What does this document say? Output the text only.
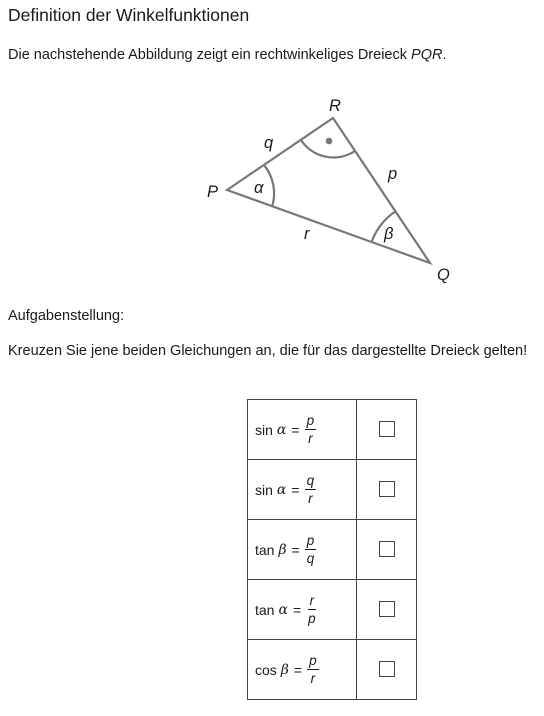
Definition der Winkelfunktionen
Die nachstehende Abbildung zeigt ein rechtwinkeliges Dreieck PQR.
P
R
Q
q
p
r
α
β
Aufgabenstellung:
Kreuzen Sie jene beiden Gleichungen an, die für das dargestellte Dreieck gelten!
$\sin \alpha = \frac{p}{r}$

$\sin \alpha = \frac{q}{r}$

$\tan \beta = \frac{p}{q}$

$\tan \alpha = \frac{r}{p}$

$\cos \beta = \frac{p}{r}$
